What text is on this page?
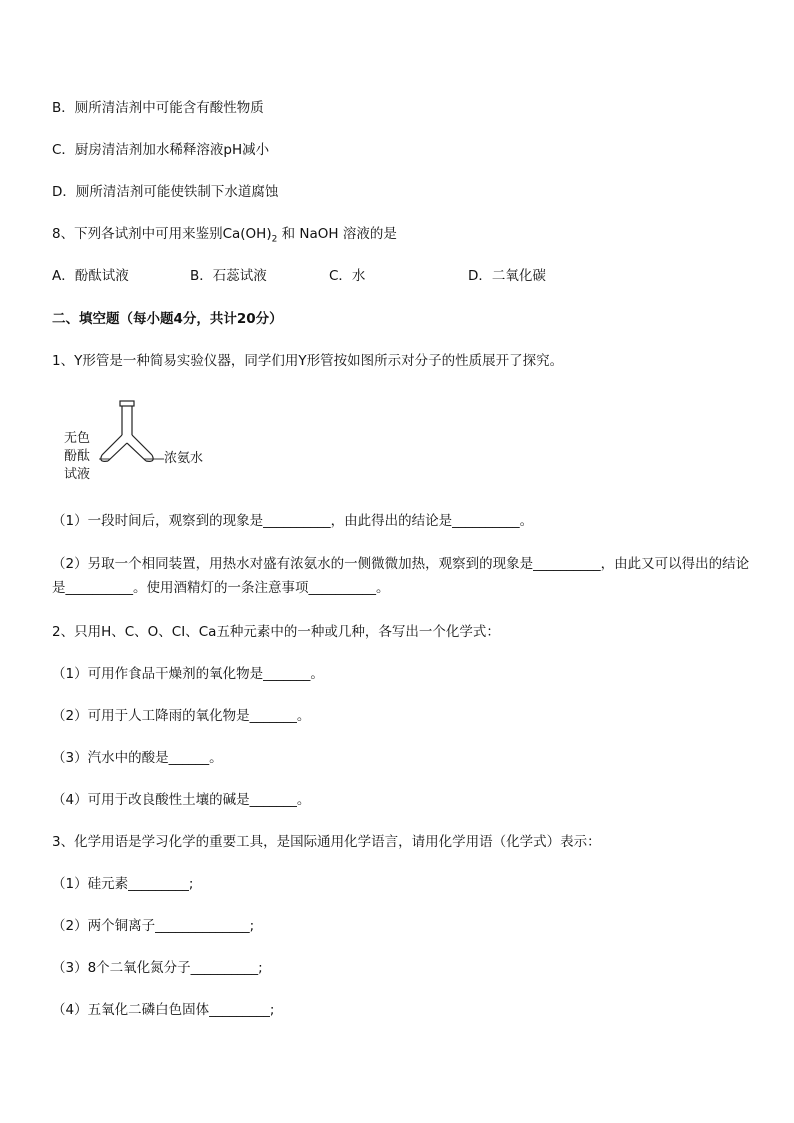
B．厕所清洁剂中可能含有酸性物质
C．厨房清洁剂加水稀释溶液pH减小
D．厕所清洁剂可能使铁制下水道腐蚀
8、下列各试剂中可用来鉴别$Ca(OH)_2$ 和 NaOH 溶液的是
A．酚酞试液	B．石蕊试液	C．水	D．二氧化碳
二、填空题（每小题4分，共计20分）
1、Y形管是一种简易实验仪器，同学们用Y形管按如图所示对分子的性质展开了探究。
无色
酚酞
试液
浓氨水
（1）一段时间后，观察到的现象是__________，由此得出的结论是__________。
（2）另取一个相同装置，用热水对盛有浓氨水的一侧微微加热，观察到的现象是__________，由此又可以得出的结论是__________。使用酒精灯的一条注意事项__________。
2、只用H、C、O、CI、Ca五种元素中的一种或几种，各写出一个化学式：
（1）可用作食品干燥剂的氧化物是_______。
（2）可用于人工降雨的氧化物是_______。
（3）汽水中的酸是______。
（4）可用于改良酸性土壤的碱是_______。
3、化学用语是学习化学的重要工具，是国际通用化学语言，请用化学用语（化学式）表示：
（1）硅元素_________;
（2）两个铜离子______________;
（3）8个二氧化氮分子__________;
（4）五氧化二磷白色固体_________;
